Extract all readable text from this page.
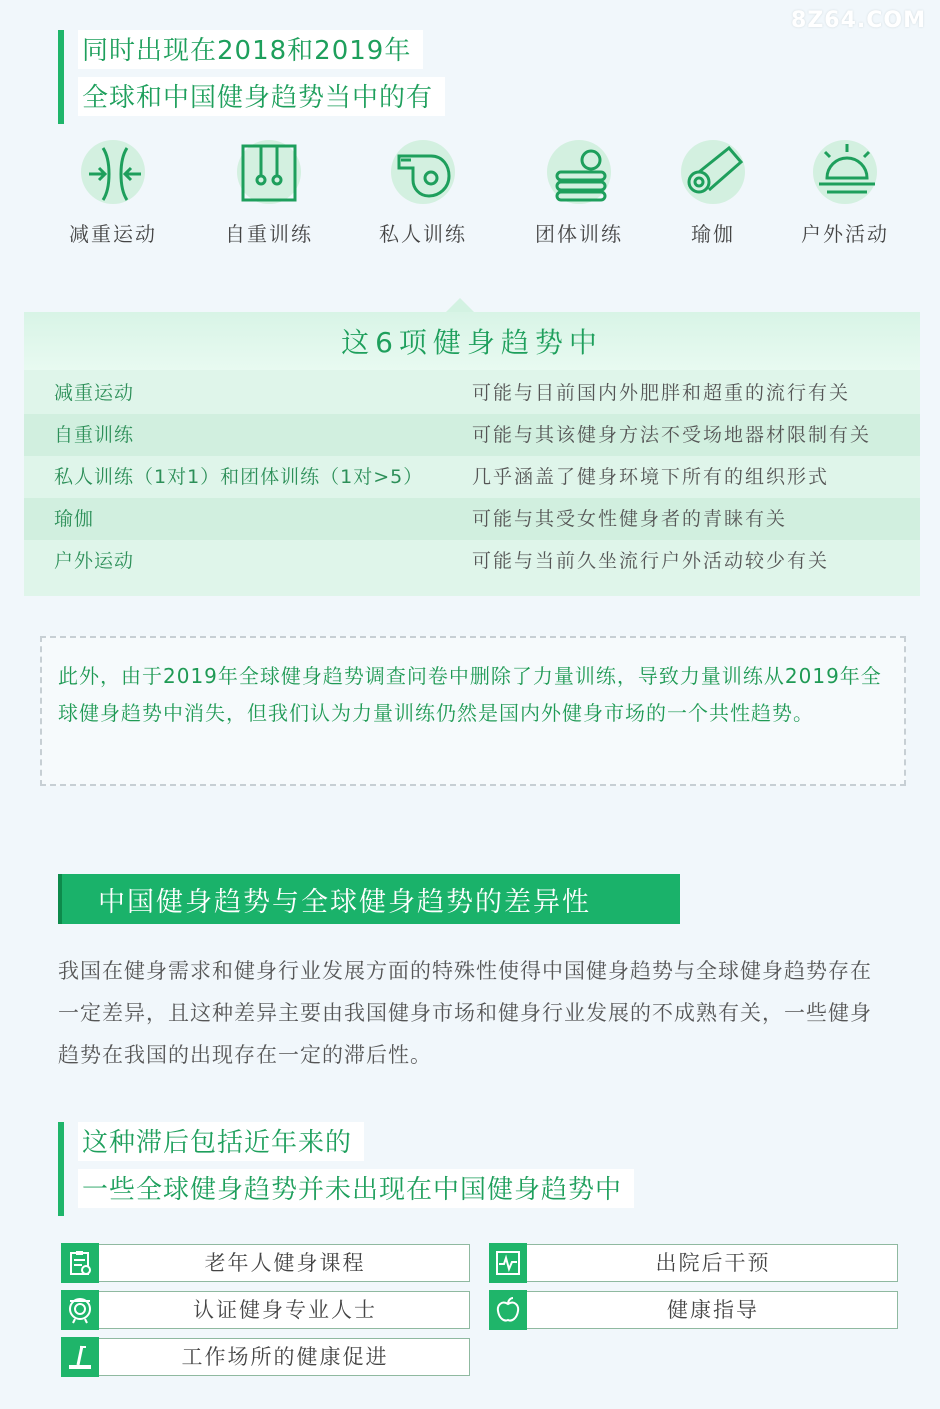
8Z64.COM
同时出现在2018和2019年
全球和中国健身趋势当中的有
减重运动	自重训练	私人训练	团体训练	瑜伽	户外活动
这6项健身趋势中
减重运动	可能与目前国内外肥胖和超重的流行有关
自重训练	可能与其该健身方法不受场地器材限制有关
私人训练（1对1）和团体训练（1对>5）	几乎涵盖了健身环境下所有的组织形式
瑜伽	可能与其受女性健身者的青睐有关
户外运动	可能与当前久坐流行户外活动较少有关
此外，由于2019年全球健身趋势调查问卷中删除了力量训练，导致力量训练从2019年全球健身趋势中消失，但我们认为力量训练仍然是国内外健身市场的一个共性趋势。
中国健身趋势与全球健身趋势的差异性
我国在健身需求和健身行业发展方面的特殊性使得中国健身趋势与全球健身趋势存在一定差异，且这种差异主要由我国健身市场和健身行业发展的不成熟有关，一些健身趋势在我国的出现存在一定的滞后性。
这种滞后包括近年来的
一些全球健身趋势并未出现在中国健身趋势中
老年人健身课程	出院后干预
认证健身专业人士	健康指导
工作场所的健康促进
